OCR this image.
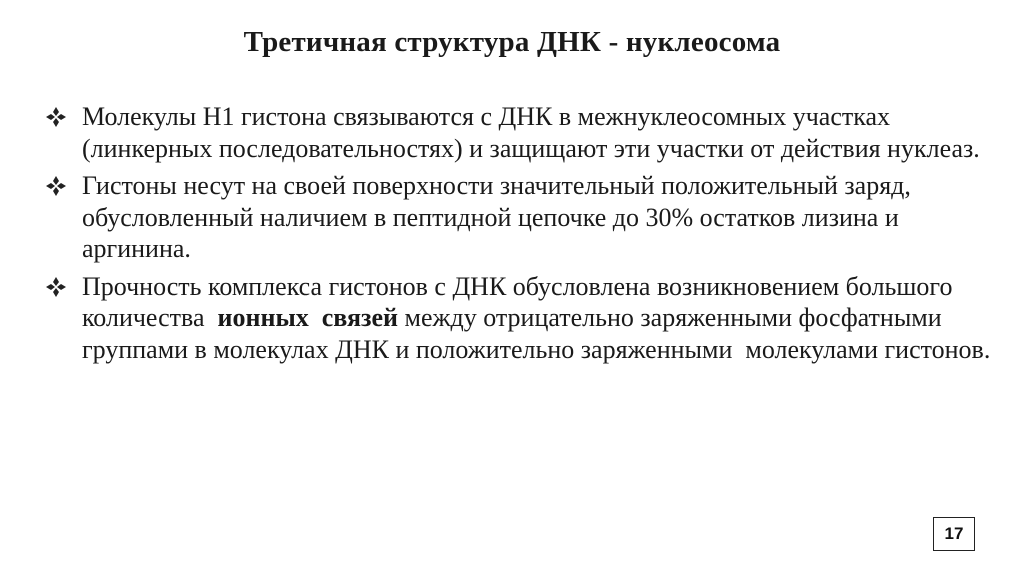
Третичная структура ДНК - нуклеосома
Молекулы Н1 гистона связываются с ДНК в межнуклеосомных участках (линкерных последовательностях) и защищают эти участки от действия нуклеаз.
Гистоны несут на своей поверхности значительный положительный заряд, обусловленный наличием в пептидной цепочке до 30% остатков лизина и аргинина.
Прочность комплекса гистонов с ДНК обусловлена возникновением большого  количества  ионных  связей между отрицательно заряженными фосфатными группами в молекулах ДНК и положительно заряженными  молекулами гистонов.
17
